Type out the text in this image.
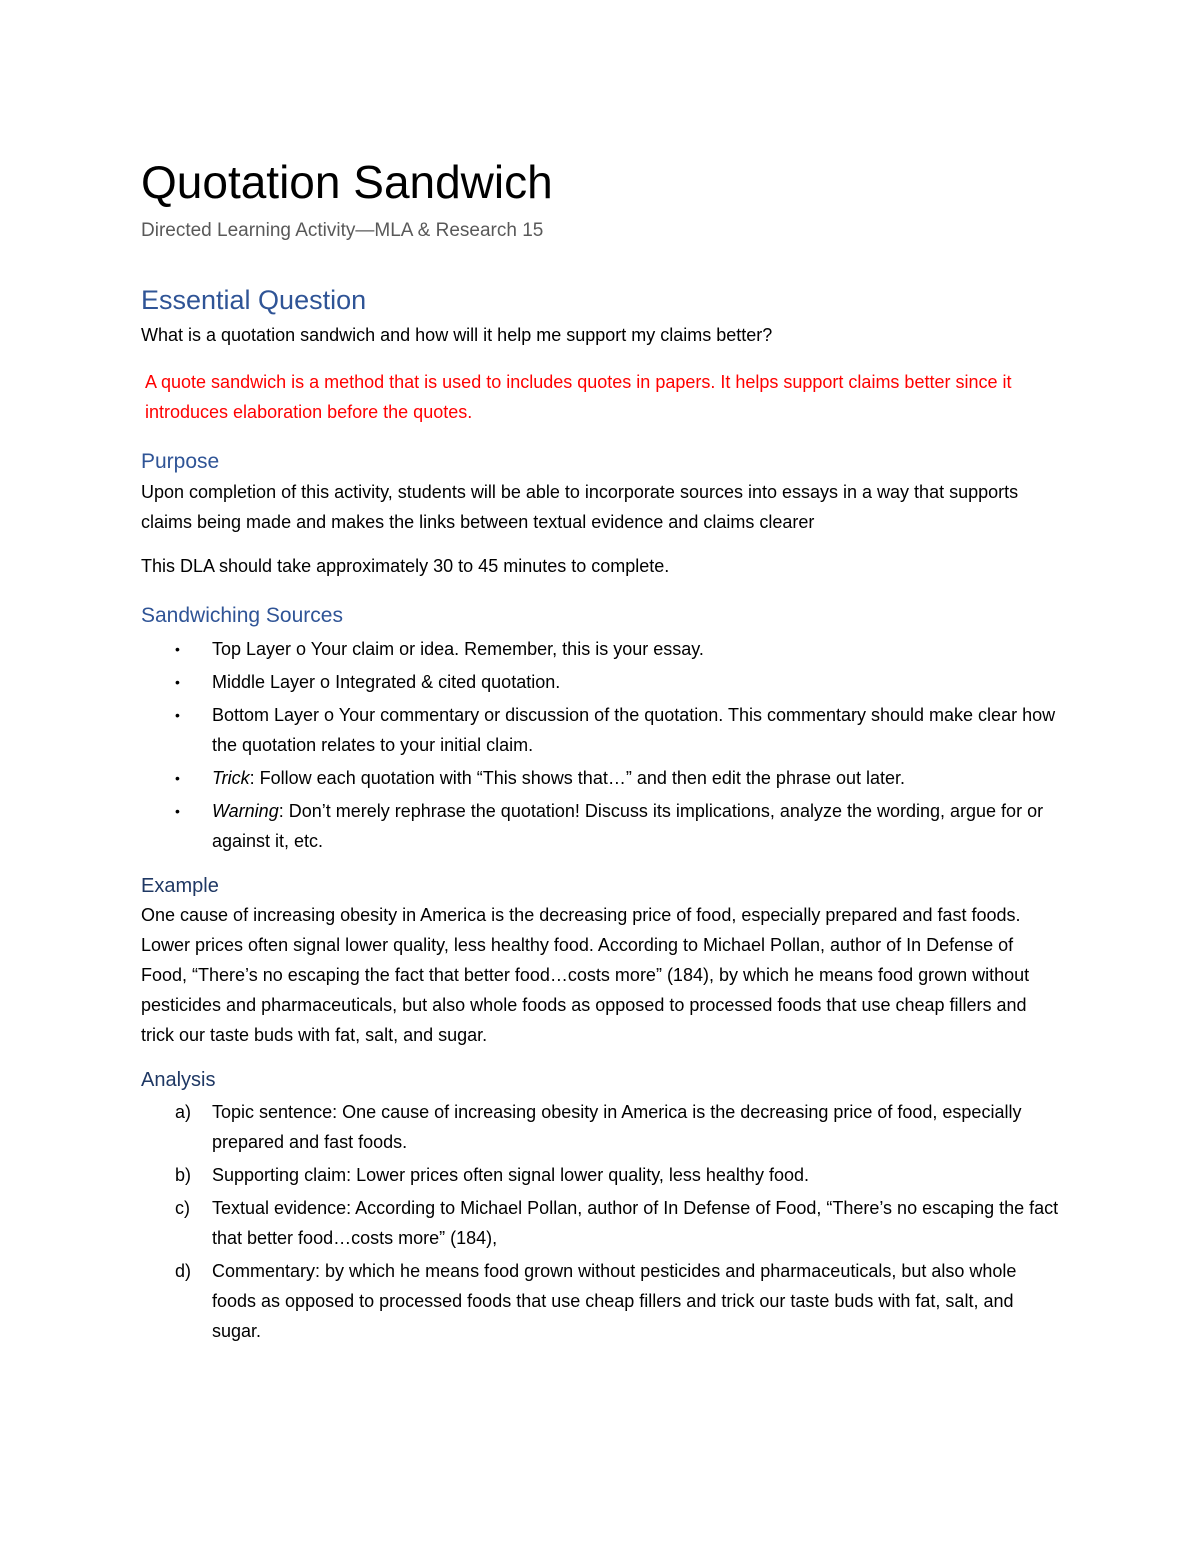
Quotation Sandwich
Directed Learning Activity—MLA & Research 15
Essential Question

What is a quotation sandwich and how will it help me support my claims better?

A quote sandwich is a method that is used to includes quotes in papers. It helps support claims better since it introduces elaboration before the quotes.

Purpose

Upon completion of this activity, students will be able to incorporate sources into essays in a way that supports claims being made and makes the links between textual evidence and claims clearer

This DLA should take approximately 30 to 45 minutes to complete.

Sandwiching Sources
• Top Layer o Your claim or idea. Remember, this is your essay.
• Middle Layer o Integrated & cited quotation.
• Bottom Layer o Your commentary or discussion of the quotation. This commentary should make clear how the quotation relates to your initial claim.
• Trick: Follow each quotation with “This shows that…” and then edit the phrase out later.
• Warning: Don’t merely rephrase the quotation! Discuss its implications, analyze the wording, argue for or against it, etc.
Example

One cause of increasing obesity in America is the decreasing price of food, especially prepared and fast foods. Lower prices often signal lower quality, less healthy food. According to Michael Pollan, author of In Defense of Food, “There’s no escaping the fact that better food…costs more” (184), by which he means food grown without pesticides and pharmaceuticals, but also whole foods as opposed to processed foods that use cheap fillers and trick our taste buds with fat, salt, and sugar.

Analysis
a) Topic sentence: One cause of increasing obesity in America is the decreasing price of food, especially prepared and fast foods.
b) Supporting claim: Lower prices often signal lower quality, less healthy food.
c) Textual evidence: According to Michael Pollan, author of In Defense of Food, “There’s no escaping the fact that better food…costs more” (184),
d) Commentary: by which he means food grown without pesticides and pharmaceuticals, but also whole foods as opposed to processed foods that use cheap fillers and trick our taste buds with fat, salt, and sugar.
